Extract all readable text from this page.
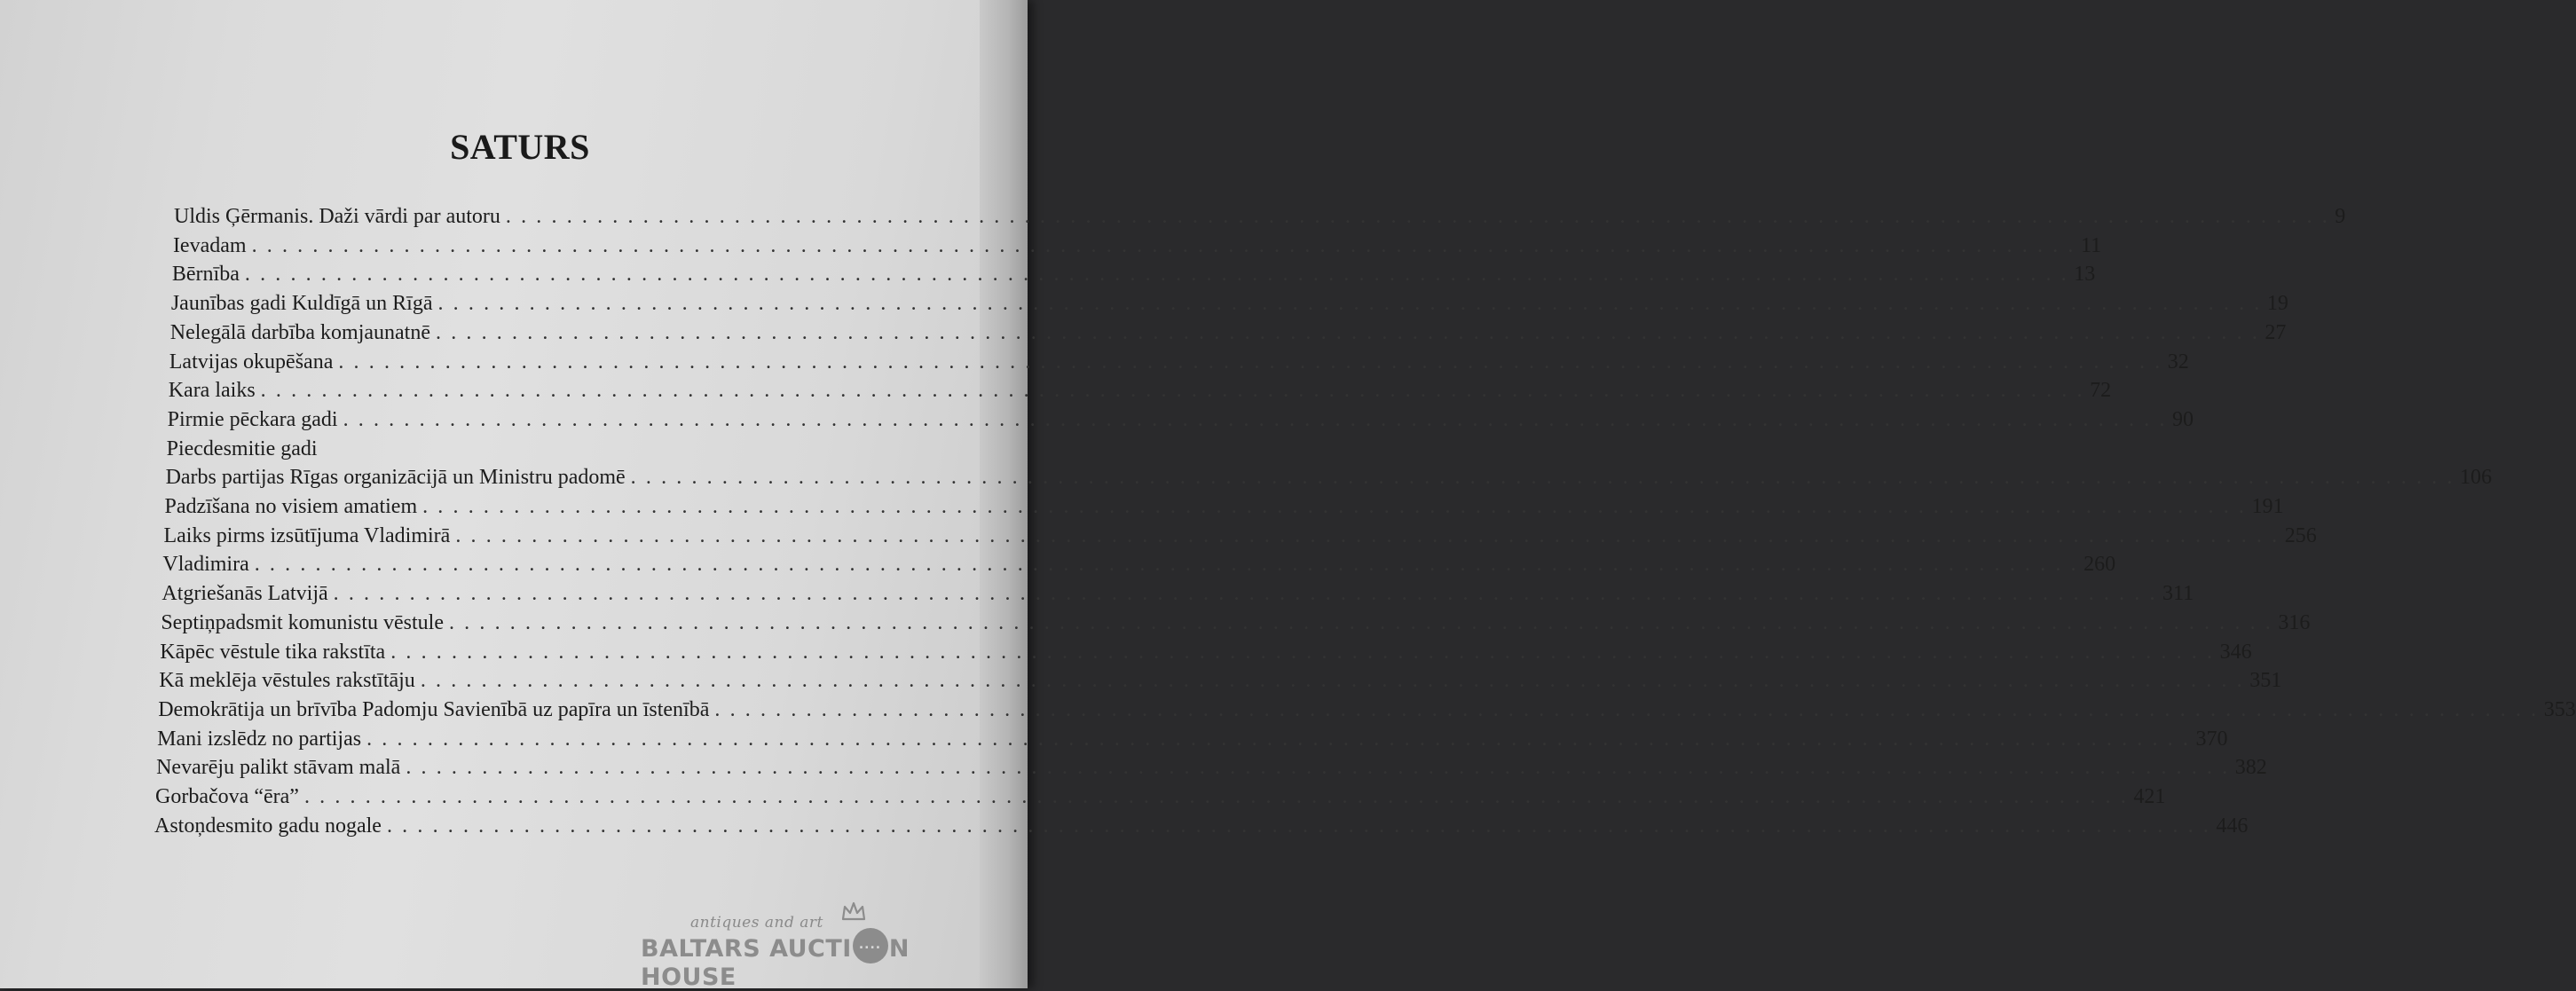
SATURS
Uldis Ģērmanis. Daži vārdi par autoru . . . . . . . . . . . . . . . . . . . . . . . . . . . . . . . . . . . . . . . . . . . . . . . . . . . . . . . . . . . . . . . . . . . . . . . . . . . . . . . . . . . . . . . . . . . . . . . . . . . . . . . . . . . . . . . . . . . . . . . . 9
Ievadam . . . . . . . . . . . . . . . . . . . . . . . . . . . . . . . . . . . . . . . . . . . . . . . . . . . . . . . . . . . . . . . . . . . . . . . . . . . . . . . . . . . . . . . . . . . . . . . . . . . . . . . . . . . . . . . . . . . . . . . . 11
Bērnība . . . . . . . . . . . . . . . . . . . . . . . . . . . . . . . . . . . . . . . . . . . . . . . . . . . . . . . . . . . . . . . . . . . . . . . . . . . . . . . . . . . . . . . . . . . . . . . . . . . . . . . . . . . . . . . . . . . . . . . . 13
Jaunības gadi Kuldīgā un Rīgā . . . . . . . . . . . . . . . . . . . . . . . . . . . . . . . . . . . . . . . . . . . . . . . . . . . . . . . . . . . . . . . . . . . . . . . . . . . . . . . . . . . . . . . . . . . . . . . . . . . . . . . . . . . . . . . . . . . . . . . . 19
Nelegālā darbība komjaunatnē . . . . . . . . . . . . . . . . . . . . . . . . . . . . . . . . . . . . . . . . . . . . . . . . . . . . . . . . . . . . . . . . . . . . . . . . . . . . . . . . . . . . . . . . . . . . . . . . . . . . . . . . . . . . . . . . . . . . . . . . 27
Latvijas okupēšana . . . . . . . . . . . . . . . . . . . . . . . . . . . . . . . . . . . . . . . . . . . . . . . . . . . . . . . . . . . . . . . . . . . . . . . . . . . . . . . . . . . . . . . . . . . . . . . . . . . . . . . . . . . . . . . . . . . . . . . . 32
Kara laiks . . . . . . . . . . . . . . . . . . . . . . . . . . . . . . . . . . . . . . . . . . . . . . . . . . . . . . . . . . . . . . . . . . . . . . . . . . . . . . . . . . . . . . . . . . . . . . . . . . . . . . . . . . . . . . . . . . . . . . . . 72
Pirmie pēckara gadi . . . . . . . . . . . . . . . . . . . . . . . . . . . . . . . . . . . . . . . . . . . . . . . . . . . . . . . . . . . . . . . . . . . . . . . . . . . . . . . . . . . . . . . . . . . . . . . . . . . . . . . . . . . . . . . . . . . . . . . . 90
Piecdesmitie gadi
Darbs partijas Rīgas organizācijā un Ministru padomē . . . . . . . . . . . . . . . . . . . . . . . . . . . . . . . . . . . . . . . . . . . . . . . . . . . . . . . . . . . . . . . . . . . . . . . . . . . . . . . . . . . . . . . . . . . . . . . . . . . . . . . . . . . . . . . . . . . . . . . . 106
Padzīšana no visiem amatiem . . . . . . . . . . . . . . . . . . . . . . . . . . . . . . . . . . . . . . . . . . . . . . . . . . . . . . . . . . . . . . . . . . . . . . . . . . . . . . . . . . . . . . . . . . . . . . . . . . . . . . . . . . . . . . . . . . . . . . . . 191
Laiks pirms izsūtījuma Vladimirā . . . . . . . . . . . . . . . . . . . . . . . . . . . . . . . . . . . . . . . . . . . . . . . . . . . . . . . . . . . . . . . . . . . . . . . . . . . . . . . . . . . . . . . . . . . . . . . . . . . . . . . . . . . . . . . . . . . . . . . . 256
Vladimira . . . . . . . . . . . . . . . . . . . . . . . . . . . . . . . . . . . . . . . . . . . . . . . . . . . . . . . . . . . . . . . . . . . . . . . . . . . . . . . . . . . . . . . . . . . . . . . . . . . . . . . . . . . . . . . . . . . . . . . . 260
Atgriešanās Latvijā . . . . . . . . . . . . . . . . . . . . . . . . . . . . . . . . . . . . . . . . . . . . . . . . . . . . . . . . . . . . . . . . . . . . . . . . . . . . . . . . . . . . . . . . . . . . . . . . . . . . . . . . . . . . . . . . . . . . . . . . 311
Septiņpadsmit komunistu vēstule . . . . . . . . . . . . . . . . . . . . . . . . . . . . . . . . . . . . . . . . . . . . . . . . . . . . . . . . . . . . . . . . . . . . . . . . . . . . . . . . . . . . . . . . . . . . . . . . . . . . . . . . . . . . . . . . . . . . . . . . 316
Kāpēc vēstule tika rakstīta . . . . . . . . . . . . . . . . . . . . . . . . . . . . . . . . . . . . . . . . . . . . . . . . . . . . . . . . . . . . . . . . . . . . . . . . . . . . . . . . . . . . . . . . . . . . . . . . . . . . . . . . . . . . . . . . . . . . . . . . 346
Kā meklēja vēstules rakstītāju . . . . . . . . . . . . . . . . . . . . . . . . . . . . . . . . . . . . . . . . . . . . . . . . . . . . . . . . . . . . . . . . . . . . . . . . . . . . . . . . . . . . . . . . . . . . . . . . . . . . . . . . . . . . . . . . . . . . . . . . 351
Demokrātija un brīvība Padomju Savienībā uz papīra un īstenībā . . . . . . . . . . . . . . . . . . . . . . . . . . . . . . . . . . . . . . . . . . . . . . . . . . . . . . . . . . . . . . . . . . . . . . . . . . . . . . . . . . . . . . . . . . . . . . . . . . . . . . . . . . . . . . . . . . . . . . . . 353
Mani izslēdz no partijas . . . . . . . . . . . . . . . . . . . . . . . . . . . . . . . . . . . . . . . . . . . . . . . . . . . . . . . . . . . . . . . . . . . . . . . . . . . . . . . . . . . . . . . . . . . . . . . . . . . . . . . . . . . . . . . . . . . . . . . . 370
Nevarēju palikt stāvam malā . . . . . . . . . . . . . . . . . . . . . . . . . . . . . . . . . . . . . . . . . . . . . . . . . . . . . . . . . . . . . . . . . . . . . . . . . . . . . . . . . . . . . . . . . . . . . . . . . . . . . . . . . . . . . . . . . . . . . . . . 382
Gorbačova “ēra” . . . . . . . . . . . . . . . . . . . . . . . . . . . . . . . . . . . . . . . . . . . . . . . . . . . . . . . . . . . . . . . . . . . . . . . . . . . . . . . . . . . . . . . . . . . . . . . . . . . . . . . . . . . . . . . . . . . . . . . . 421
Astoņdesmito gadu nogale . . . . . . . . . . . . . . . . . . . . . . . . . . . . . . . . . . . . . . . . . . . . . . . . . . . . . . . . . . . . . . . . . . . . . . . . . . . . . . . . . . . . . . . . . . . . . . . . . . . . . . . . . . . . . . . . . . . . . . . . 446
antiques and art
BALTARS AUCTI .... N HOUSE
